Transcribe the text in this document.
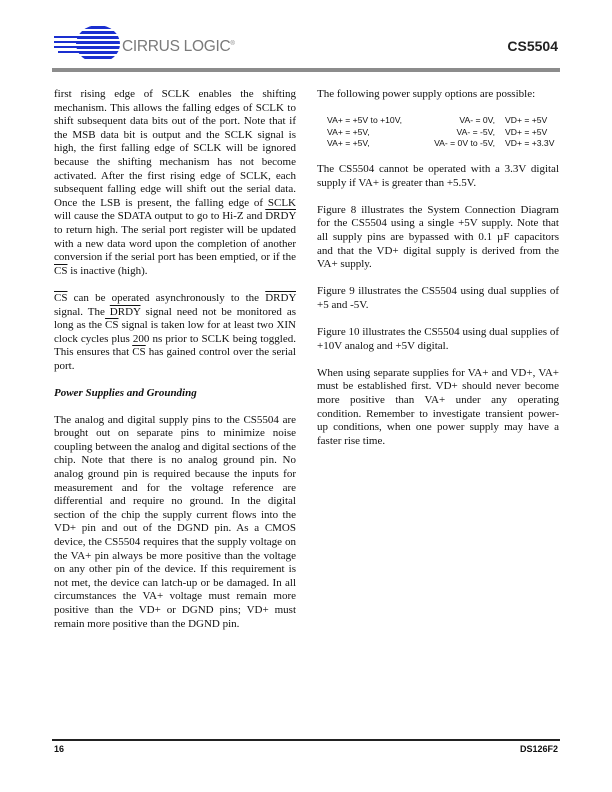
CIRRUS LOGIC®	CS5504

first rising edge of SCLK enables the shifting mechanism. This allows the falling edges of SCLK to shift subsequent data bits out of the port. Note that if the MSB data bit is output and the SCLK signal is high, the first falling edge of SCLK will be ignored because the shifting mechanism has not become activated. After the first rising edge of SCLK, each subsequent falling edge will shift out the serial data. Once the LSB is present, the falling edge of SCLK will cause the SDATA output to go to Hi-Z and DRDY to return high. The serial port register will be updated with a new data word upon the completion of another conversion if the serial port has been emptied, or if the $\overline{CS}$ is inactive (high).

$\overline{CS}$ can be operated asynchronously to the DRDY signal. The DRDY signal need not be monitored as long as the $\overline{CS}$ signal is taken low for at least two XIN clock cycles plus 200 ns prior to SCLK being toggled. This ensures that $\overline{CS}$ has gained control over the serial port.

Power Supplies and Grounding

The analog and digital supply pins to the CS5504 are brought out on separate pins to minimize noise coupling between the analog and digital sections of the chip. Note that there is no analog ground pin. No analog ground pin is required because the inputs for measurement and for the voltage reference are differential and require no ground. In the digital section of the chip the supply current flows into the VD+ pin and out of the DGND pin. As a CMOS device, the CS5504 requires that the supply voltage on the VA+ pin always be more positive than the voltage on any other pin of the device. If this requirement is not met, the device can latch-up or be damaged. In all circumstances the VA+ voltage must remain more positive than the VD+ or DGND pins; VD+ must remain more positive than the DGND pin.

The following power supply options are possible:

VA+ = +5V to +10V,	VA- = 0V, VD+ = +5V
VA+ = +5V,	VA- = -5V, VD+ = +5V
VA+ = +5V,	VA- = 0V to -5V, VD+ = +3.3V

The CS5504 cannot be operated with a 3.3V digital supply if VA+ is greater than +5.5V.

Figure 8 illustrates the System Connection Diagram for the CS5504 using a single +5V supply. Note that all supply pins are bypassed with 0.1 µF capacitors and that the VD+ digital supply is derived from the VA+ supply.

Figure 9 illustrates the CS5504 using dual supplies of +5 and -5V.

Figure 10 illustrates the CS5504 using dual supplies of +10V analog and +5V digital.

When using separate supplies for VA+ and VD+, VA+ must be established first. VD+ should never become more positive than VA+ under any operating condition. Remember to investigate transient power-up conditions, when one power supply may have a faster rise time.

16	DS126F2
